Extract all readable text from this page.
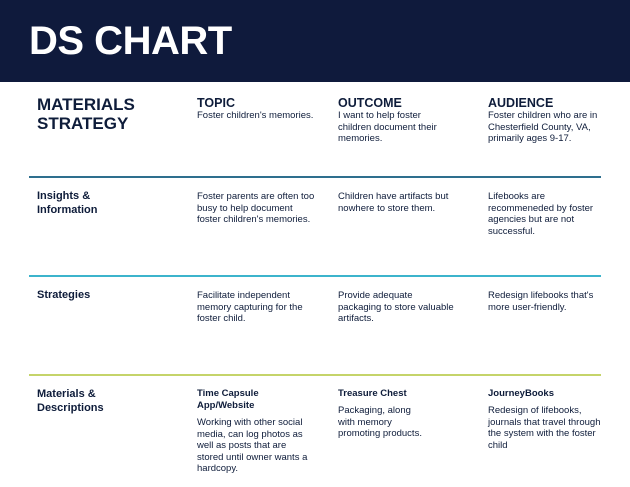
DS CHART
MATERIALS
STRATEGY
TOPIC
Foster children's memories.
OUTCOME
I want to help foster children document their memories.
AUDIENCE
Foster children who are in Chesterfield County, VA, primarily ages 9-17.
Insights &
Information
Foster parents are often too busy to help document foster children's memories.
Children have artifacts but nowhere to store them.
Lifebooks are recommeneded by foster agencies but are not successful.
Strategies	Facilitate independent memory capturing for the foster child.
Provide adequate packaging to store valuable artifacts.
Redesign lifebooks that's more user-friendly.
Materials &
Descriptions
Time Capsule App/Website
Working with other social media, can log photos as well as posts that are stored until owner wants a hardcopy.
Treasure Chest
Packaging, along with memory promoting products.
JourneyBooks
Redesign of lifebooks, journals that travel through the system with the foster child
